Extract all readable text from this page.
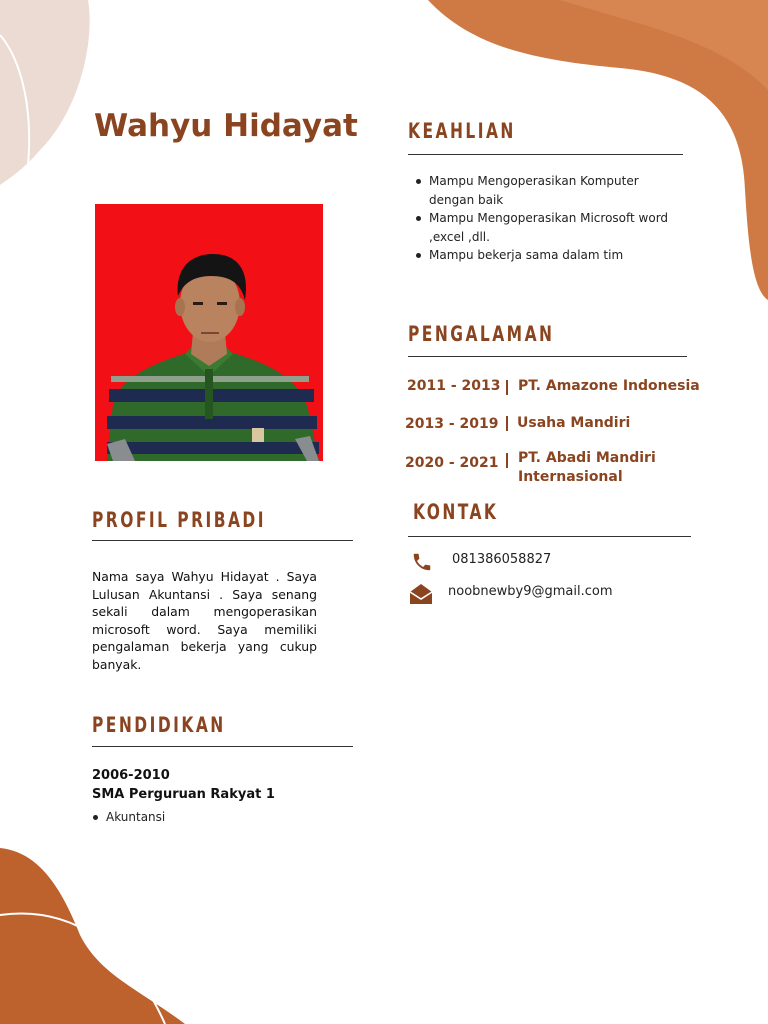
Wahyu Hidayat KEAHLIAN
Mampu Mengoperasikan Komputer dengan baik
Mampu Mengoperasikan Microsoft word ,excel ,dll.
Mampu bekerja sama dalam tim
PENGALAMAN
2011 - 2013 PT. Amazone Indonesia
2013 - 2019 Usaha Mandiri
2020 - 2021 PT. Abadi Mandiri Internasional
KONTAK
081386058827
noobnewby9@gmail.com
PROFIL PRIBADI
Nama saya Wahyu Hidayat . Saya Lulusan Akuntansi . Saya senang sekali dalam mengoperasikan microsoft word. Saya memiliki pengalaman bekerja yang cukup banyak.
PENDIDIKAN
2006-2010
SMA Perguruan Rakyat 1
Akuntansi
